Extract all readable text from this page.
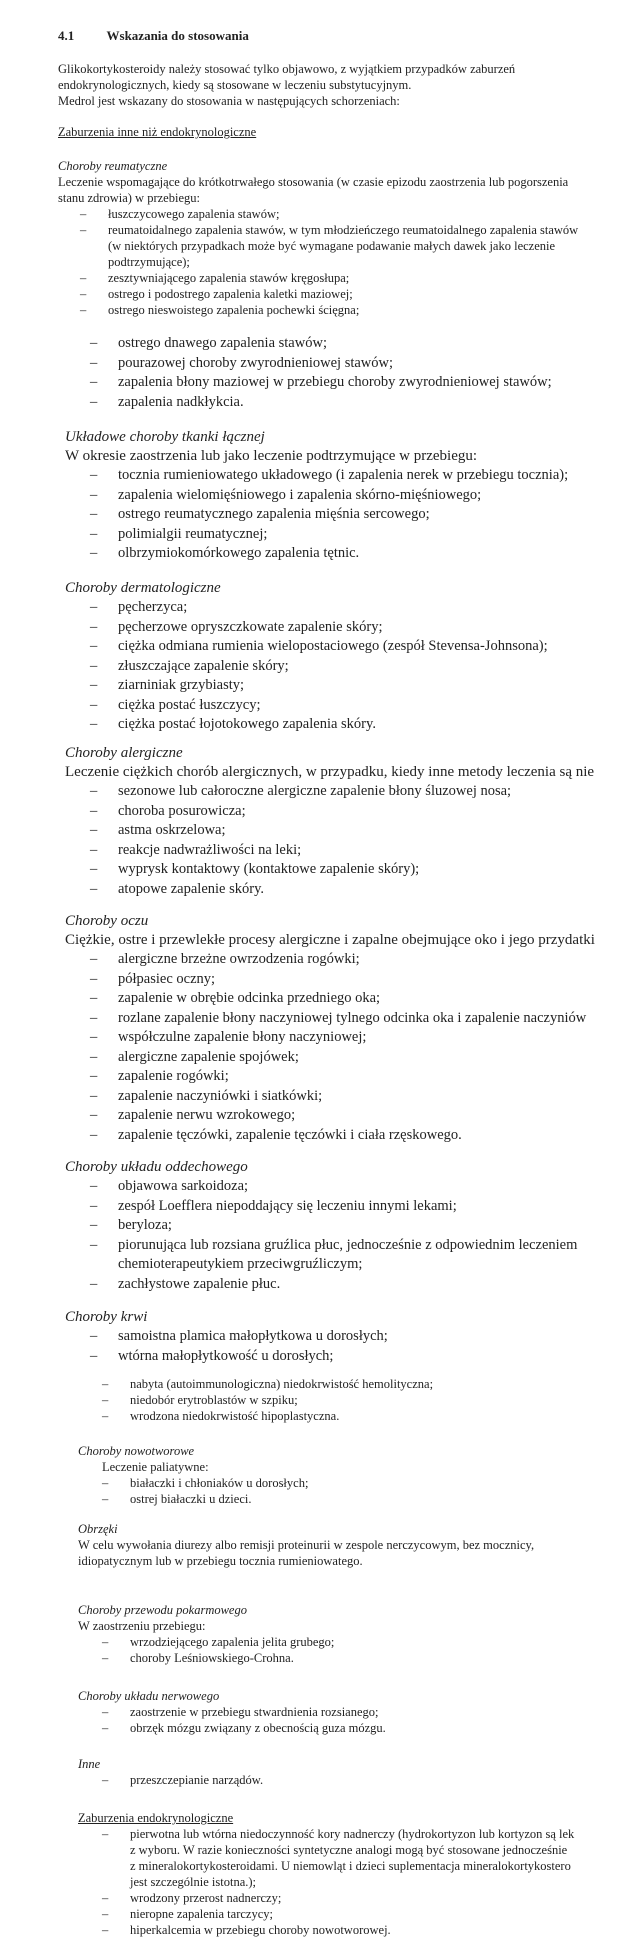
4.1 Wskazania do stosowania
Glikokortykosteroidy należy stosować tylko objawowo, z wyjątkiem przypadków zaburzeń
endokrynologicznych, kiedy są stosowane w leczeniu substytucyjnym.
Medrol jest wskazany do stosowania w następujących schorzeniach:
Zaburzenia inne niż endokrynologiczne
Choroby reumatyczne
Leczenie wspomagające do krótkotrwałego stosowania (w czasie epizodu zaostrzenia lub pogorszenia
stanu zdrowia) w przebiegu:
– łuszczycowego zapalenia stawów;
– reumatoidalnego zapalenia stawów, w tym młodzieńczego reumatoidalnego zapalenia stawów
(w niektórych przypadkach może być wymagane podawanie małych dawek jako leczenie
podtrzymujące);
– zesztywniającego zapalenia stawów kręgosłupa;
– ostrego i podostrego zapalenia kaletki maziowej;
– ostrego nieswoistego zapalenia pochewki ścięgna;
– ostrego dnawego zapalenia stawów;
– pourazowej choroby zwyrodnieniowej stawów;
– zapalenia błony maziowej w przebiegu choroby zwyrodnieniowej stawów;
– zapalenia nadkłykcia.
Układowe choroby tkanki łącznej
W okresie zaostrzenia lub jako leczenie podtrzymujące w przebiegu:
– tocznia rumieniowatego układowego (i zapalenia nerek w przebiegu tocznia);
– zapalenia wielomięśniowego i zapalenia skórno-mięśniowego;
– ostrego reumatycznego zapalenia mięśnia sercowego;
– polimialgii reumatycznej;
– olbrzymiokomórkowego zapalenia tętnic.
Choroby dermatologiczne
– pęcherzyca;
– pęcherzowe opryszczkowate zapalenie skóry;
– ciężka odmiana rumienia wielopostaciowego (zespół Stevensa-Johnsona);
– złuszczające zapalenie skóry;
– ziarniniak grzybiasty;
– ciężka postać łuszczycy;
– ciężka postać łojotokowego zapalenia skóry.
Choroby alergiczne
Leczenie ciężkich chorób alergicznych, w przypadku, kiedy inne metody leczenia są nie
– sezonowe lub całoroczne alergiczne zapalenie błony śluzowej nosa;
– choroba posurowicza;
– astma oskrzelowa;
– reakcje nadwrażliwości na leki;
– wyprysk kontaktowy (kontaktowe zapalenie skóry);
– atopowe zapalenie skóry.
Choroby oczu
Ciężkie, ostre i przewlekłe procesy alergiczne i zapalne obejmujące oko i jego przydatki
– alergiczne brzeżne owrzodzenia rogówki;
– półpasiec oczny;
– zapalenie w obrębie odcinka przedniego oka;
– rozlane zapalenie błony naczyniowej tylnego odcinka oka i zapalenie naczyniów
– współczulne zapalenie błony naczyniowej;
– alergiczne zapalenie spojówek;
– zapalenie rogówki;
– zapalenie naczyniówki i siatkówki;
– zapalenie nerwu wzrokowego;
– zapalenie tęczówki, zapalenie tęczówki i ciała rzęskowego.
Choroby układu oddechowego
– objawowa sarkoidoza;
– zespół Loefflera niepoddający się leczeniu innymi lekami;
– beryloza;
– piorunująca lub rozsiana gruźlica płuc, jednocześnie z odpowiednim leczeniem
chemioterapeutykiem przeciwgruźliczym;
– zachłystowe zapalenie płuc.
Choroby krwi
– samoistna plamica małopłytkowa u dorosłych;
– wtórna małopłytkowość u dorosłych;
– nabyta (autoimmunologiczna) niedokrwistość hemolityczna;
– niedobór erytroblastów w szpiku;
– wrodzona niedokrwistość hipoplastyczna.
Choroby nowotworowe
Leczenie paliatywne:
– białaczki i chłoniaków u dorosłych;
– ostrej białaczki u dzieci.
Obrzęki
W celu wywołania diurezy albo remisji proteinurii w zespole nerczycowym, bez mocznicy,
idiopatycznym lub w przebiegu tocznia rumieniowatego.
Choroby przewodu pokarmowego
W zaostrzeniu przebiegu:
– wrzodziejącego zapalenia jelita grubego;
– choroby Leśniowskiego-Crohna.
Choroby układu nerwowego
– zaostrzenie w przebiegu stwardnienia rozsianego;
– obrzęk mózgu związany z obecnością guza mózgu.
Inne
– przeszczepianie narządów.
Zaburzenia endokrynologiczne
– pierwotna lub wtórna niedoczynność kory nadnerczy (hydrokortyzon lub kortyzon są lek
z wyboru. W razie konieczności syntetyczne analogi mogą być stosowane jednocześnie
z mineralokortykosteroidami. U niemowląt i dzieci suplementacja mineralokortykostero
jest szczególnie istotna.);
– wrodzony przerost nadnerczy;
– nieropne zapalenia tarczycy;
– hiperkalcemia w przebiegu choroby nowotworowej.
